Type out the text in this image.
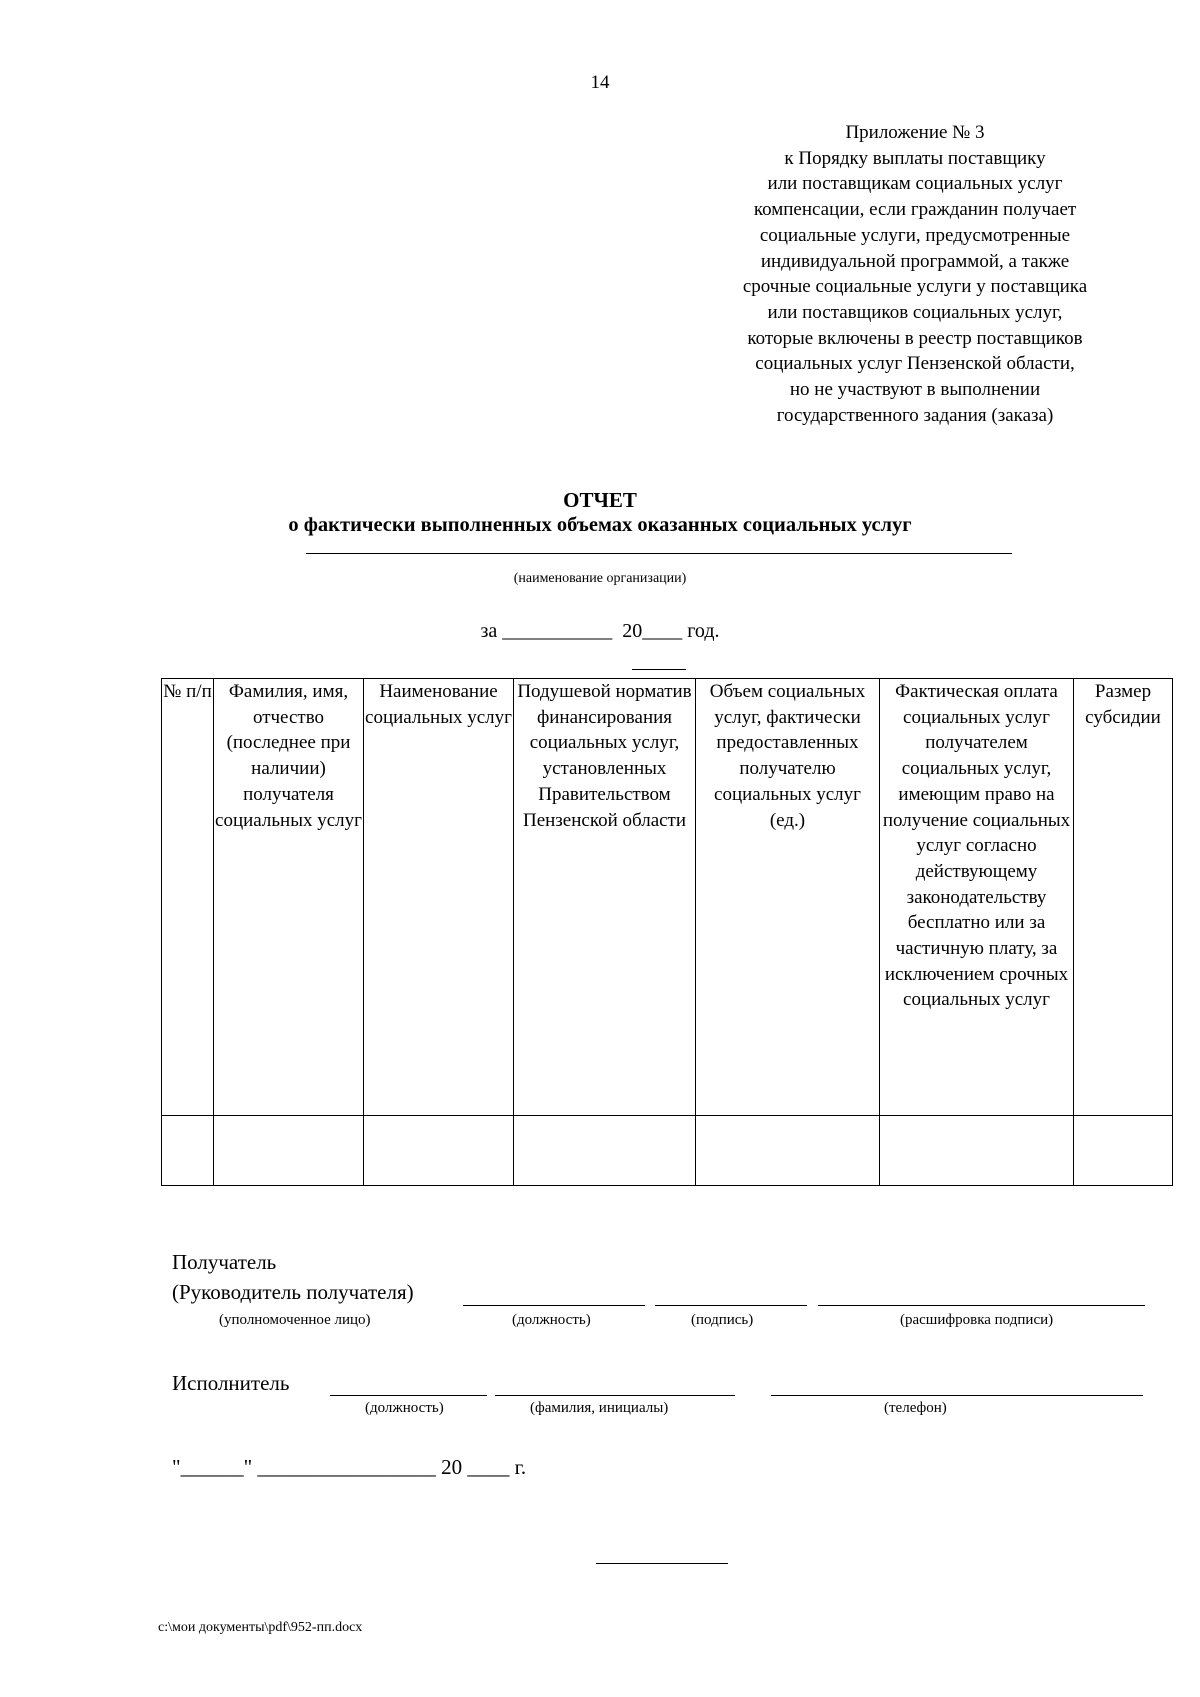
14
Приложение № 3
к Порядку выплаты поставщику
или поставщикам социальных услуг
компенсации, если гражданин получает
социальные услуги, предусмотренные
индивидуальной программой, а также
срочные социальные услуги у поставщика
или поставщиков социальных услуг,
которые включены в реестр поставщиков
социальных услуг Пензенской области,
но не участвуют в выполнении
государственного задания (заказа)
ОТЧЕТ
о фактически выполненных объемах оказанных социальных услуг
(наименование организации)
за ___________  20____ год.
№ п/п	Фамилия, имя, отчество (последнее при наличии) получателя социальных услуг	Наименование социальных услуг	Подушевой норматив финансирования социальных услуг, установленных Правительством Пензенской области	Объем социальных услуг, фактически предоставленных получателю социальных услуг (ед.)	Фактическая оплата социальных услуг получателем социальных услуг, имеющим право на получение социальных услуг согласно действующему законодательству бесплатно или за частичную плату, за исключением срочных социальных услуг	Размер субсидии

Получатель
(Руководитель получателя)
(уполномоченное лицо)	(должность)	(подпись)	(расшифровка подписи)
Исполнитель
(должность)	(фамилия, инициалы)	(телефон)
"______" _________________ 20 ____ г.
c:\мои документы\pdf\952-пп.docx
